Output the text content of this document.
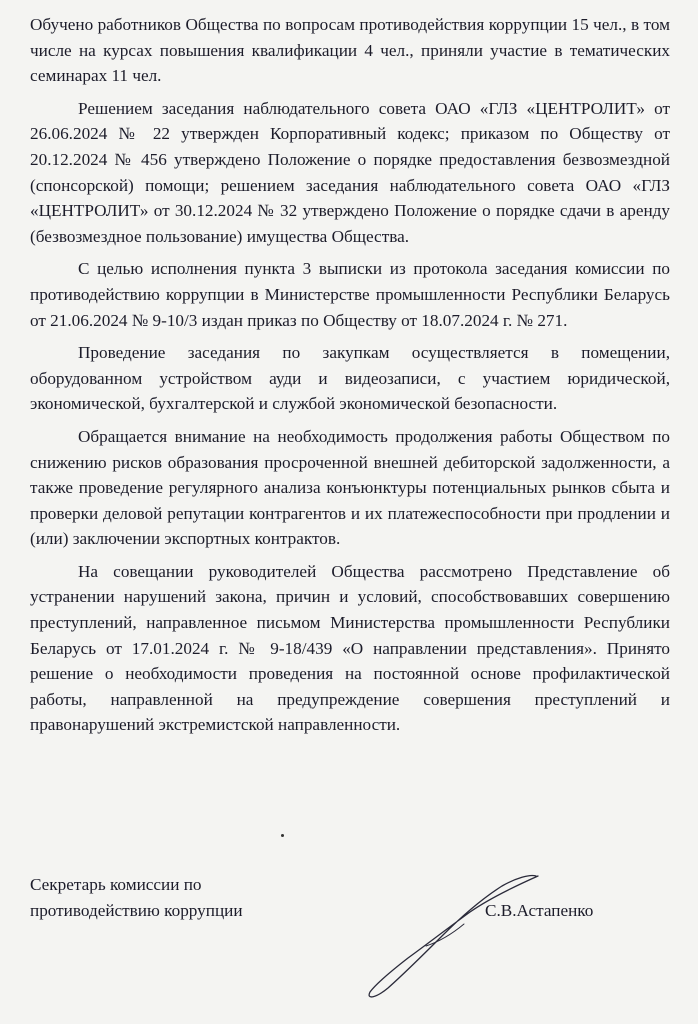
Обучено работников Общества по вопросам противодействия коррупции 15 чел., в том числе на курсах повышения квалификации 4 чел., приняли участие в тематических семинарах 11 чел.

Решением заседания наблюдательного совета ОАО «ГЛЗ «ЦЕНТРОЛИТ» от 26.06.2024 № 22 утвержден Корпоративный кодекс; приказом по Обществу от 20.12.2024 № 456 утверждено Положение о порядке предоставления безвозмездной (спонсорской) помощи; решением заседания наблюдательного совета ОАО «ГЛЗ «ЦЕНТРОЛИТ» от 30.12.2024 № 32 утверждено Положение о порядке сдачи в аренду (безвозмездное пользование) имущества Общества.

С целью исполнения пункта 3 выписки из протокола заседания комиссии по противодействию коррупции в Министерстве промышленности Республики Беларусь от 21.06.2024 № 9-10/3 издан приказ по Обществу от 18.07.2024 г. № 271.

Проведение заседания по закупкам осуществляется в помещении, оборудованном устройством ауди и видеозаписи, с участием юридической, экономической, бухгалтерской и службой экономической безопасности.

Обращается внимание на необходимость продолжения работы Обществом по снижению рисков образования просроченной внешней дебиторской задолженности, а также проведение регулярного анализа конъюнктуры потенциальных рынков сбыта и проверки деловой репутации контрагентов и их платежеспособности при продлении и (или) заключении экспортных контрактов.

На совещании руководителей Общества рассмотрено Представление об устранении нарушений закона, причин и условий, способствовавших совершению преступлений, направленное письмом Министерства промышленности Республики Беларусь от 17.01.2024 г. № 9-18/439 «О направлении представления». Принято решение о необходимости проведения на постоянной основе профилактической работы, направленной на предупреждение совершения преступлений и правонарушений экстремистской направленности.

Секретарь комиссии по
противодействию коррупции	С.В.Астапенко
